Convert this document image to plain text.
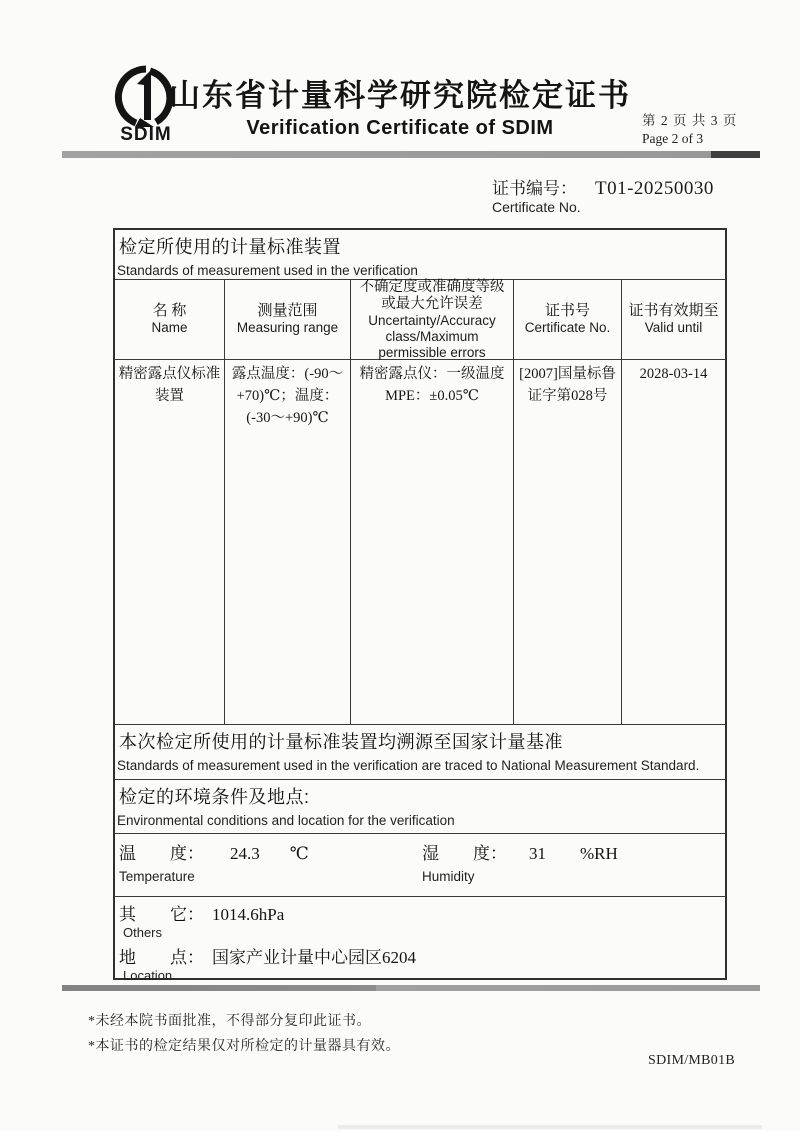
SDIM
山东省计量科学研究院检定证书
Verification Certificate of SDIM	第 2 页 共 3 页
Page 2 of 3
证书编号： T01-20250030
Certificate No.
检定所使用的计量标准装置
Standards of measurement used in the verification
名 称
Name
测量范围
Measuring range
不确定度或准确度等级或最大允许误差
Uncertainty/Accuracy class/Maximum permissible errors
证书号
Certificate No.
证书有效期至
Valid until
精密露点仪标准装置
露点温度：(-90～+70)℃；温度：(-30～+90)℃
精密露点仪：一级温度 MPE：±0.05℃
[2007]国量标鲁证字第028号
2028-03-14
本次检定所使用的计量标准装置均溯源至国家计量基准
Standards of measurement used in the verification are traced to National Measurement Standard.
检定的环境条件及地点:
Environmental conditions and location for the verification
温　　度： 24.3 ℃
Temperature
湿　　度： 31 %RH
Humidity
其　　它： 1014.6hPa
Others
地　　点： 国家产业计量中心园区6204
Location
*未经本院书面批准，不得部分复印此证书。
*本证书的检定结果仅对所检定的计量器具有效。
SDIM/MB01B
